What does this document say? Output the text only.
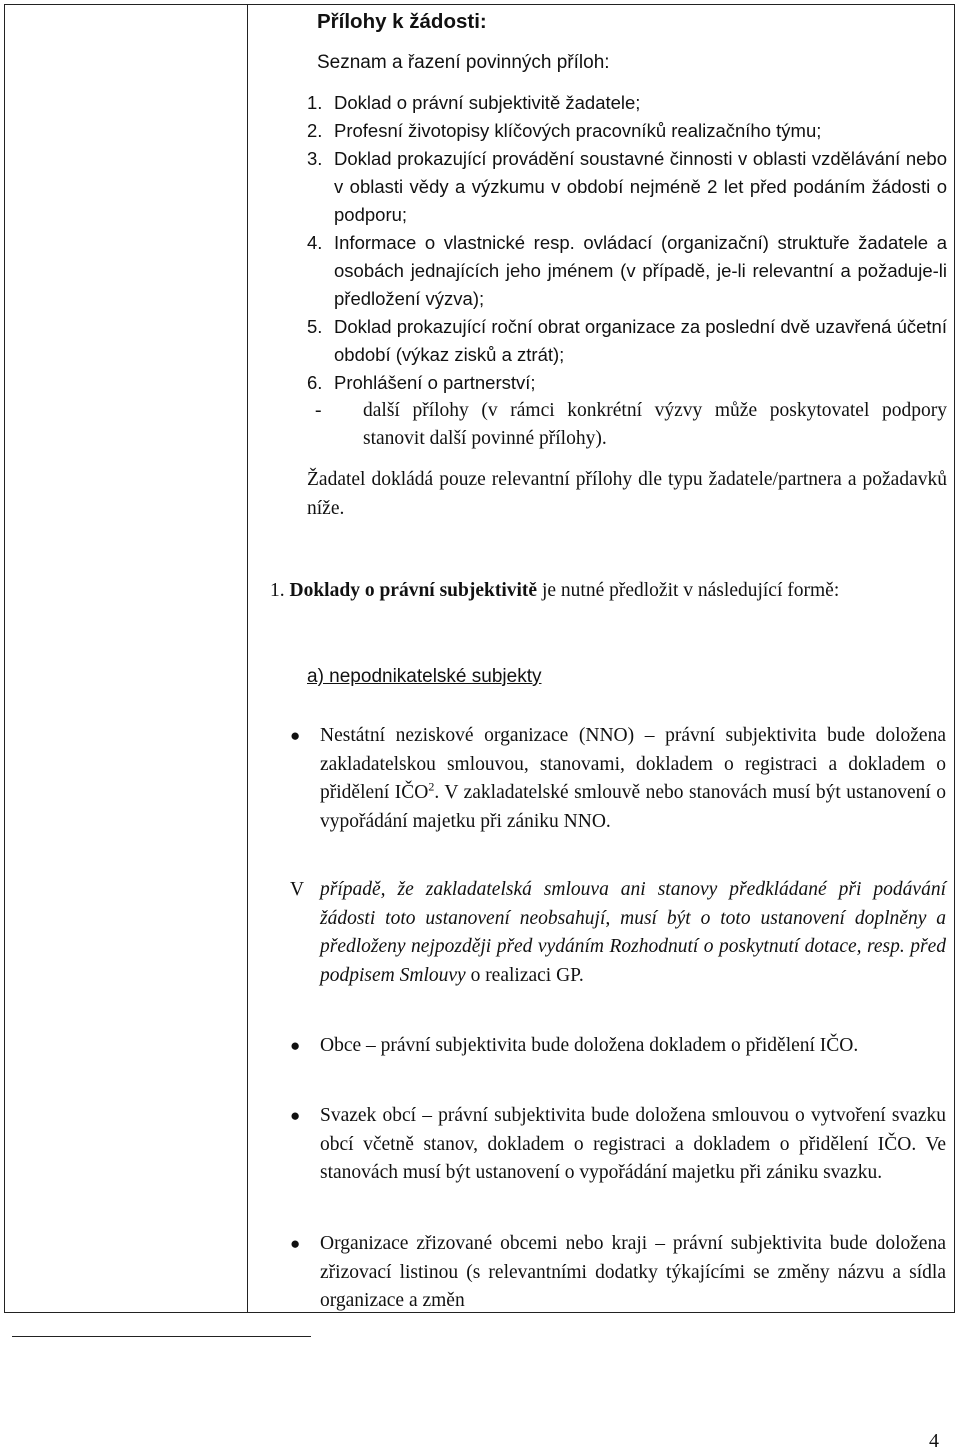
Přílohy k žádosti:
Seznam a řazení povinných příloh:
1. Doklad o právní subjektivitě žadatele;
2. Profesní životopisy klíčových pracovníků realizačního týmu;
3. Doklad prokazující provádění soustavné činnosti v oblasti vzdělávání nebo v oblasti vědy a výzkumu v období nejméně 2 let před podáním žádosti o podporu;
4. Informace o vlastnické resp. ovládací (organizační) struktuře žadatele a osobách jednajících jeho jménem (v případě, je-li relevantní a požaduje-li předložení výzva);
5. Doklad prokazující roční obrat organizace za poslední dvě uzavřená účetní období (výkaz zisků a ztrát);
6. Prohlášení o partnerství;
-	další přílohy (v rámci konkrétní výzvy může poskytovatel podpory stanovit další povinné přílohy).
Žadatel dokládá pouze relevantní přílohy dle typu žadatele/partnera a požadavků níže.
1. Doklady o právní subjektivitě je nutné předložit v následující formě:
a) nepodnikatelské subjekty
●	Nestátní neziskové organizace (NNO) – právní subjektivita bude doložena zakladatelskou smlouvou, stanovami, dokladem o registraci a dokladem o přidělení IČO$^2$. V zakladatelské smlouvě nebo stanovách musí být ustanovení o vypořádání majetku při zániku NNO.
V případě, že zakladatelská smlouva ani stanovy předkládané při podávání žádosti toto ustanovení neobsahují, musí být o toto ustanovení doplněny a předloženy nejpozději před vydáním Rozhodnutí o poskytnutí dotace, resp. před podpisem Smlouvy o realizaci GP.
●	Obce – právní subjektivita bude doložena dokladem o přidělení IČO.
●	Svazek obcí – právní subjektivita bude doložena smlouvou o vytvoření svazku obcí včetně stanov, dokladem o registraci a dokladem o přidělení IČO. Ve stanovách musí být ustanovení o vypořádání majetku při zániku svazku.
●	Organizace zřizované obcemi nebo kraji – právní subjektivita bude doložena zřizovací listinou (s relevantními dodatky týkajícími se změny názvu a sídla organizace a změn
4
